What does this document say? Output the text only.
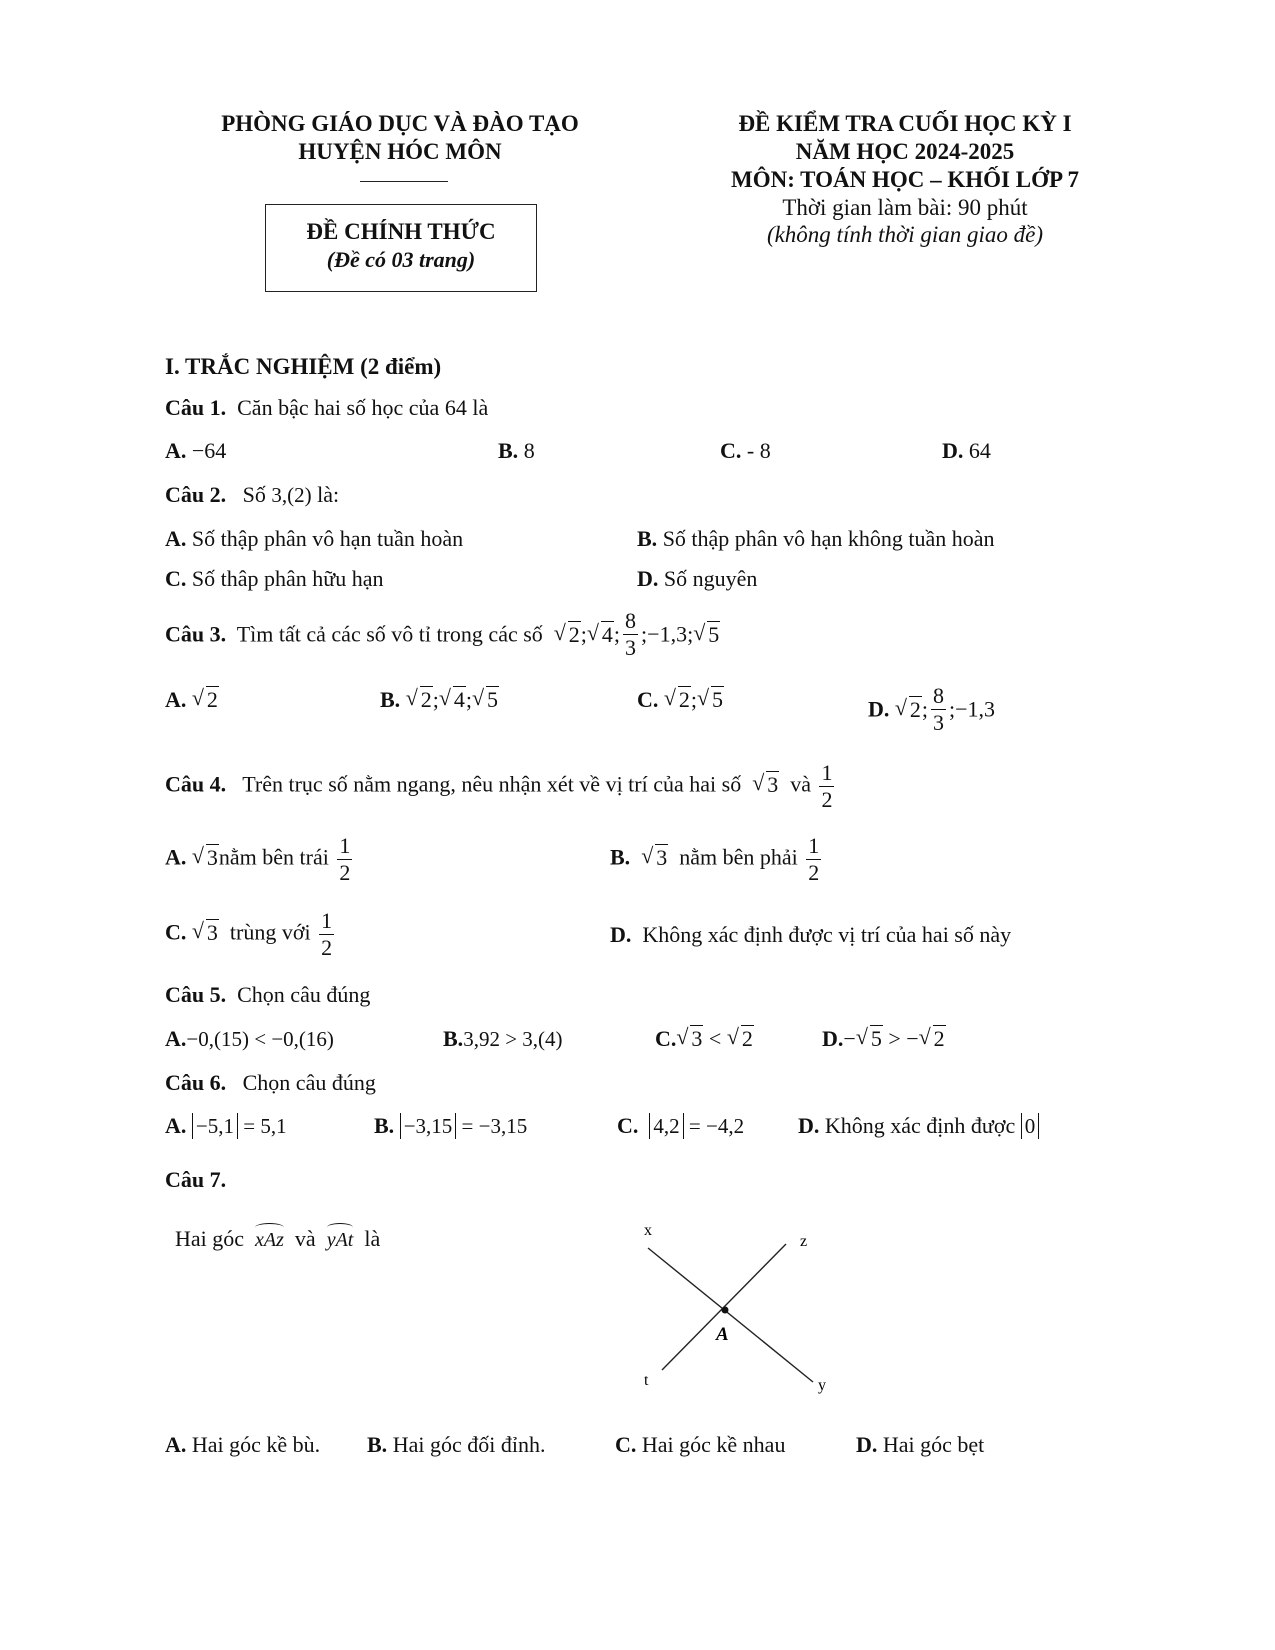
PHÒNG GIÁO DỤC VÀ ĐÀO TẠO
HUYỆN HÓC MÔN
ĐỀ CHÍNH THỨC
(Đề có 03 trang)
ĐỀ KIỂM TRA CUỐI HỌC KỲ I
NĂM HỌC 2024-2025
MÔN: TOÁN HỌC – KHỐI LỚP 7
Thời gian làm bài: 90 phút
(không tính thời gian giao đề)
I. TRẮC NGHIỆM (2 điểm)
Câu 1. Căn bậc hai số học của 64 là
A. −64	B. 8	C. - 8	D. 64
Câu 2. Số 3,(2) là:
A. Số thập phân vô hạn tuần hoàn	B. Số thập phân vô hạn không tuần hoàn
C. Số thâp phân hữu hạn	D. Số nguyên
Câu 3. Tìm tất cả các số vô tỉ trong các số √ 2; √ 4; $\frac{8}{3}$ ;−1,3; √ 5
A. √ 2	B. √ 2; √ 4; √ 5	C. √ 2; √ 5	D. √ 2; $\frac{8}{3}$ ;−1,3
Câu 4. Trên trục số nằm ngang, nêu nhận xét về vị trí của hai số √ 3 và $\frac{1}{2}$
A. √ 3nằm bên trái $\frac{1}{2}$	B. √ 3 nằm bên phải $\frac{1}{2}$
C. √ 3 trùng với $\frac{1}{2}$	D. Không xác định được vị trí của hai số này
Câu 5. Chọn câu đúng
A.−0,(15) < −0,(16)	B.3,92 > 3,(4)	C. √ 3 < √ 2	D.− √ 5 > − √ 2
Câu 6. Chọn câu đúng
A. −5,1 = 5,1	B. −3,15 = −3,15	C. 4,2 = −4,2 D. Không xác định được 0
Câu 7.
Hai góc xAz và yAt là	x
z
t	y
A
A. Hai góc kề bù. B. Hai góc đối đỉnh.	C. Hai góc kề nhau	D. Hai góc bẹt
